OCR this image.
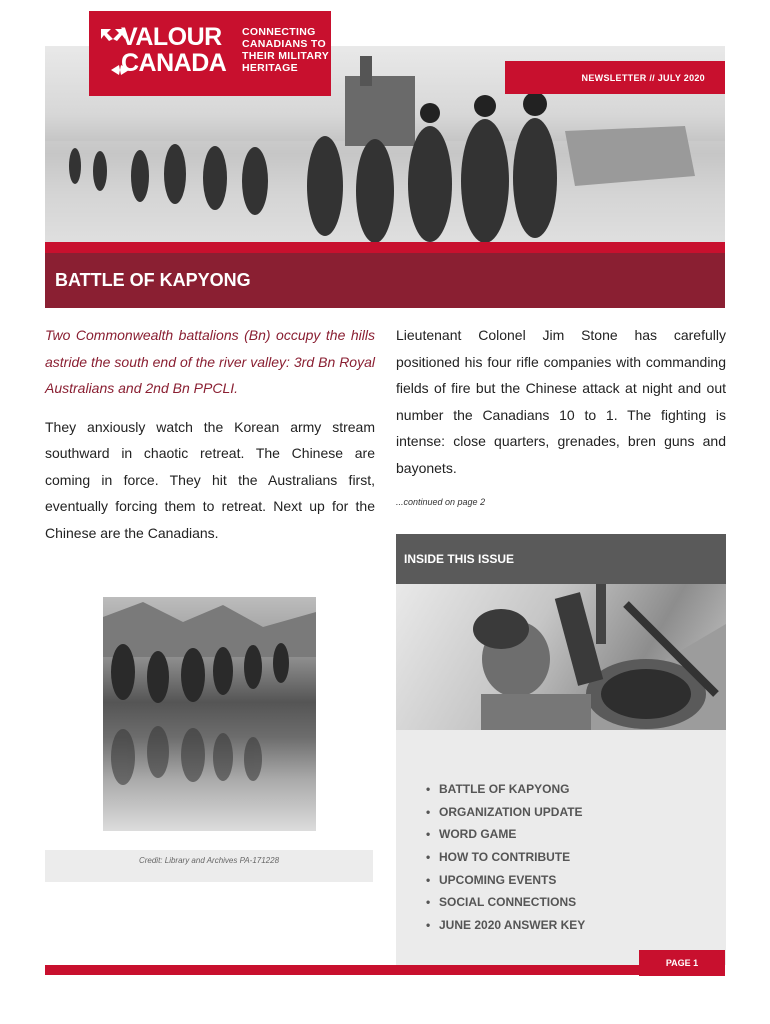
VALOUR
CANADA
CONNECTING
CANADIANS TO
THEIR MILITARY
HERITAGE
NEWSLETTER // JULY 2020
BATTLE OF KAPYONG

Two Commonwealth battalions (Bn) occupy the hills astride the south end of the river valley: 3rd Bn Royal Australians and 2nd Bn PPCLI.

They anxiously watch the Korean army stream southward in chaotic retreat. The Chinese are coming in force. They hit the Australians first, eventually forcing them to retreat. Next up for the Chinese are the Canadians.

Lieutenant Colonel Jim Stone has carefully positioned his four rifle companies with commanding fields of fire but the Chinese attack at night and out number the Canadians 10 to 1. The fighting is intense: close quarters, grenades, bren guns and bayonets.

...continued on page 2

Credit: Library and Archives PA-171228
INSIDE THIS ISSUE
• BATTLE OF KAPYONG
• ORGANIZATION UPDATE
• WORD GAME
• HOW TO CONTRIBUTE
• UPCOMING EVENTS
• SOCIAL CONNECTIONS
• JUNE 2020 ANSWER KEY
PAGE 1
